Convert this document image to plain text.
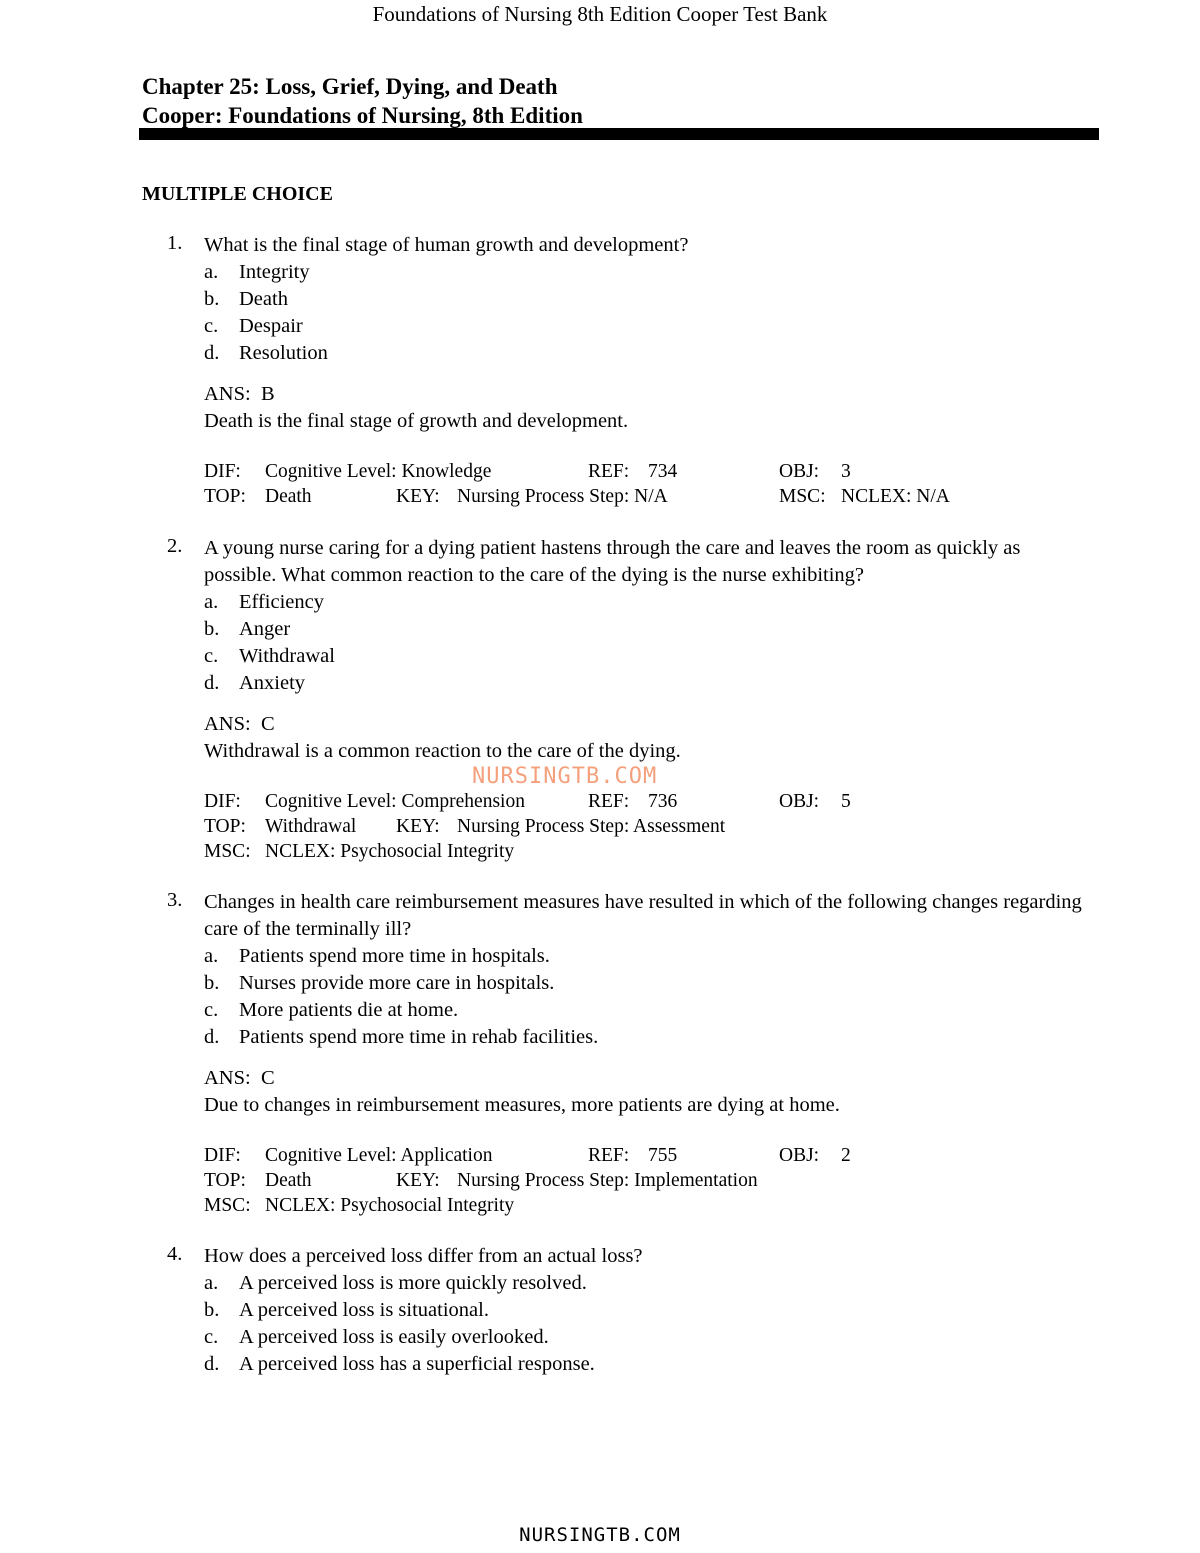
Foundations of Nursing 8th Edition Cooper Test Bank
Chapter 25: Loss, Grief, Dying, and Death
Cooper: Foundations of Nursing, 8th Edition
MULTIPLE CHOICE
1.	What is the final stage of human growth and development?
a. Integrity
b. Death
c. Despair
d. Resolution
ANS: B
Death is the final stage of growth and development.
DIF: Cognitive Level: Knowledge	REF: 734	OBJ: 3
TOP: Death	KEY: Nursing Process Step: N/A	MSC: NCLEX: N/A
2.	A young nurse caring for a dying patient hastens through the care and leaves the room as quickly as possible. What common reaction to the care of the dying is the nurse exhibiting?
a. Efficiency
b. Anger
c. Withdrawal
d. Anxiety
ANS: C
Withdrawal is a common reaction to the care of the dying.
DIF: Cognitive Level: Comprehension	REF: 736	OBJ: 5
TOP: Withdrawal KEY: Nursing Process Step: Assessment
MSC: NCLEX: Psychosocial Integrity
3.	Changes in health care reimbursement measures have resulted in which of the following changes regarding care of the terminally ill?
a. Patients spend more time in hospitals.
b. Nurses provide more care in hospitals.
c. More patients die at home.
d. Patients spend more time in rehab facilities.
ANS: C
Due to changes in reimbursement measures, more patients are dying at home.
DIF: Cognitive Level: Application	REF: 755	OBJ: 2
TOP: Death	KEY: Nursing Process Step: Implementation
MSC: NCLEX: Psychosocial Integrity
4.	How does a perceived loss differ from an actual loss?
a. A perceived loss is more quickly resolved.
b. A perceived loss is situational.
c. A perceived loss is easily overlooked.
d. A perceived loss has a superficial response.
NURSINGTB.COM
NURSINGTB.COM
